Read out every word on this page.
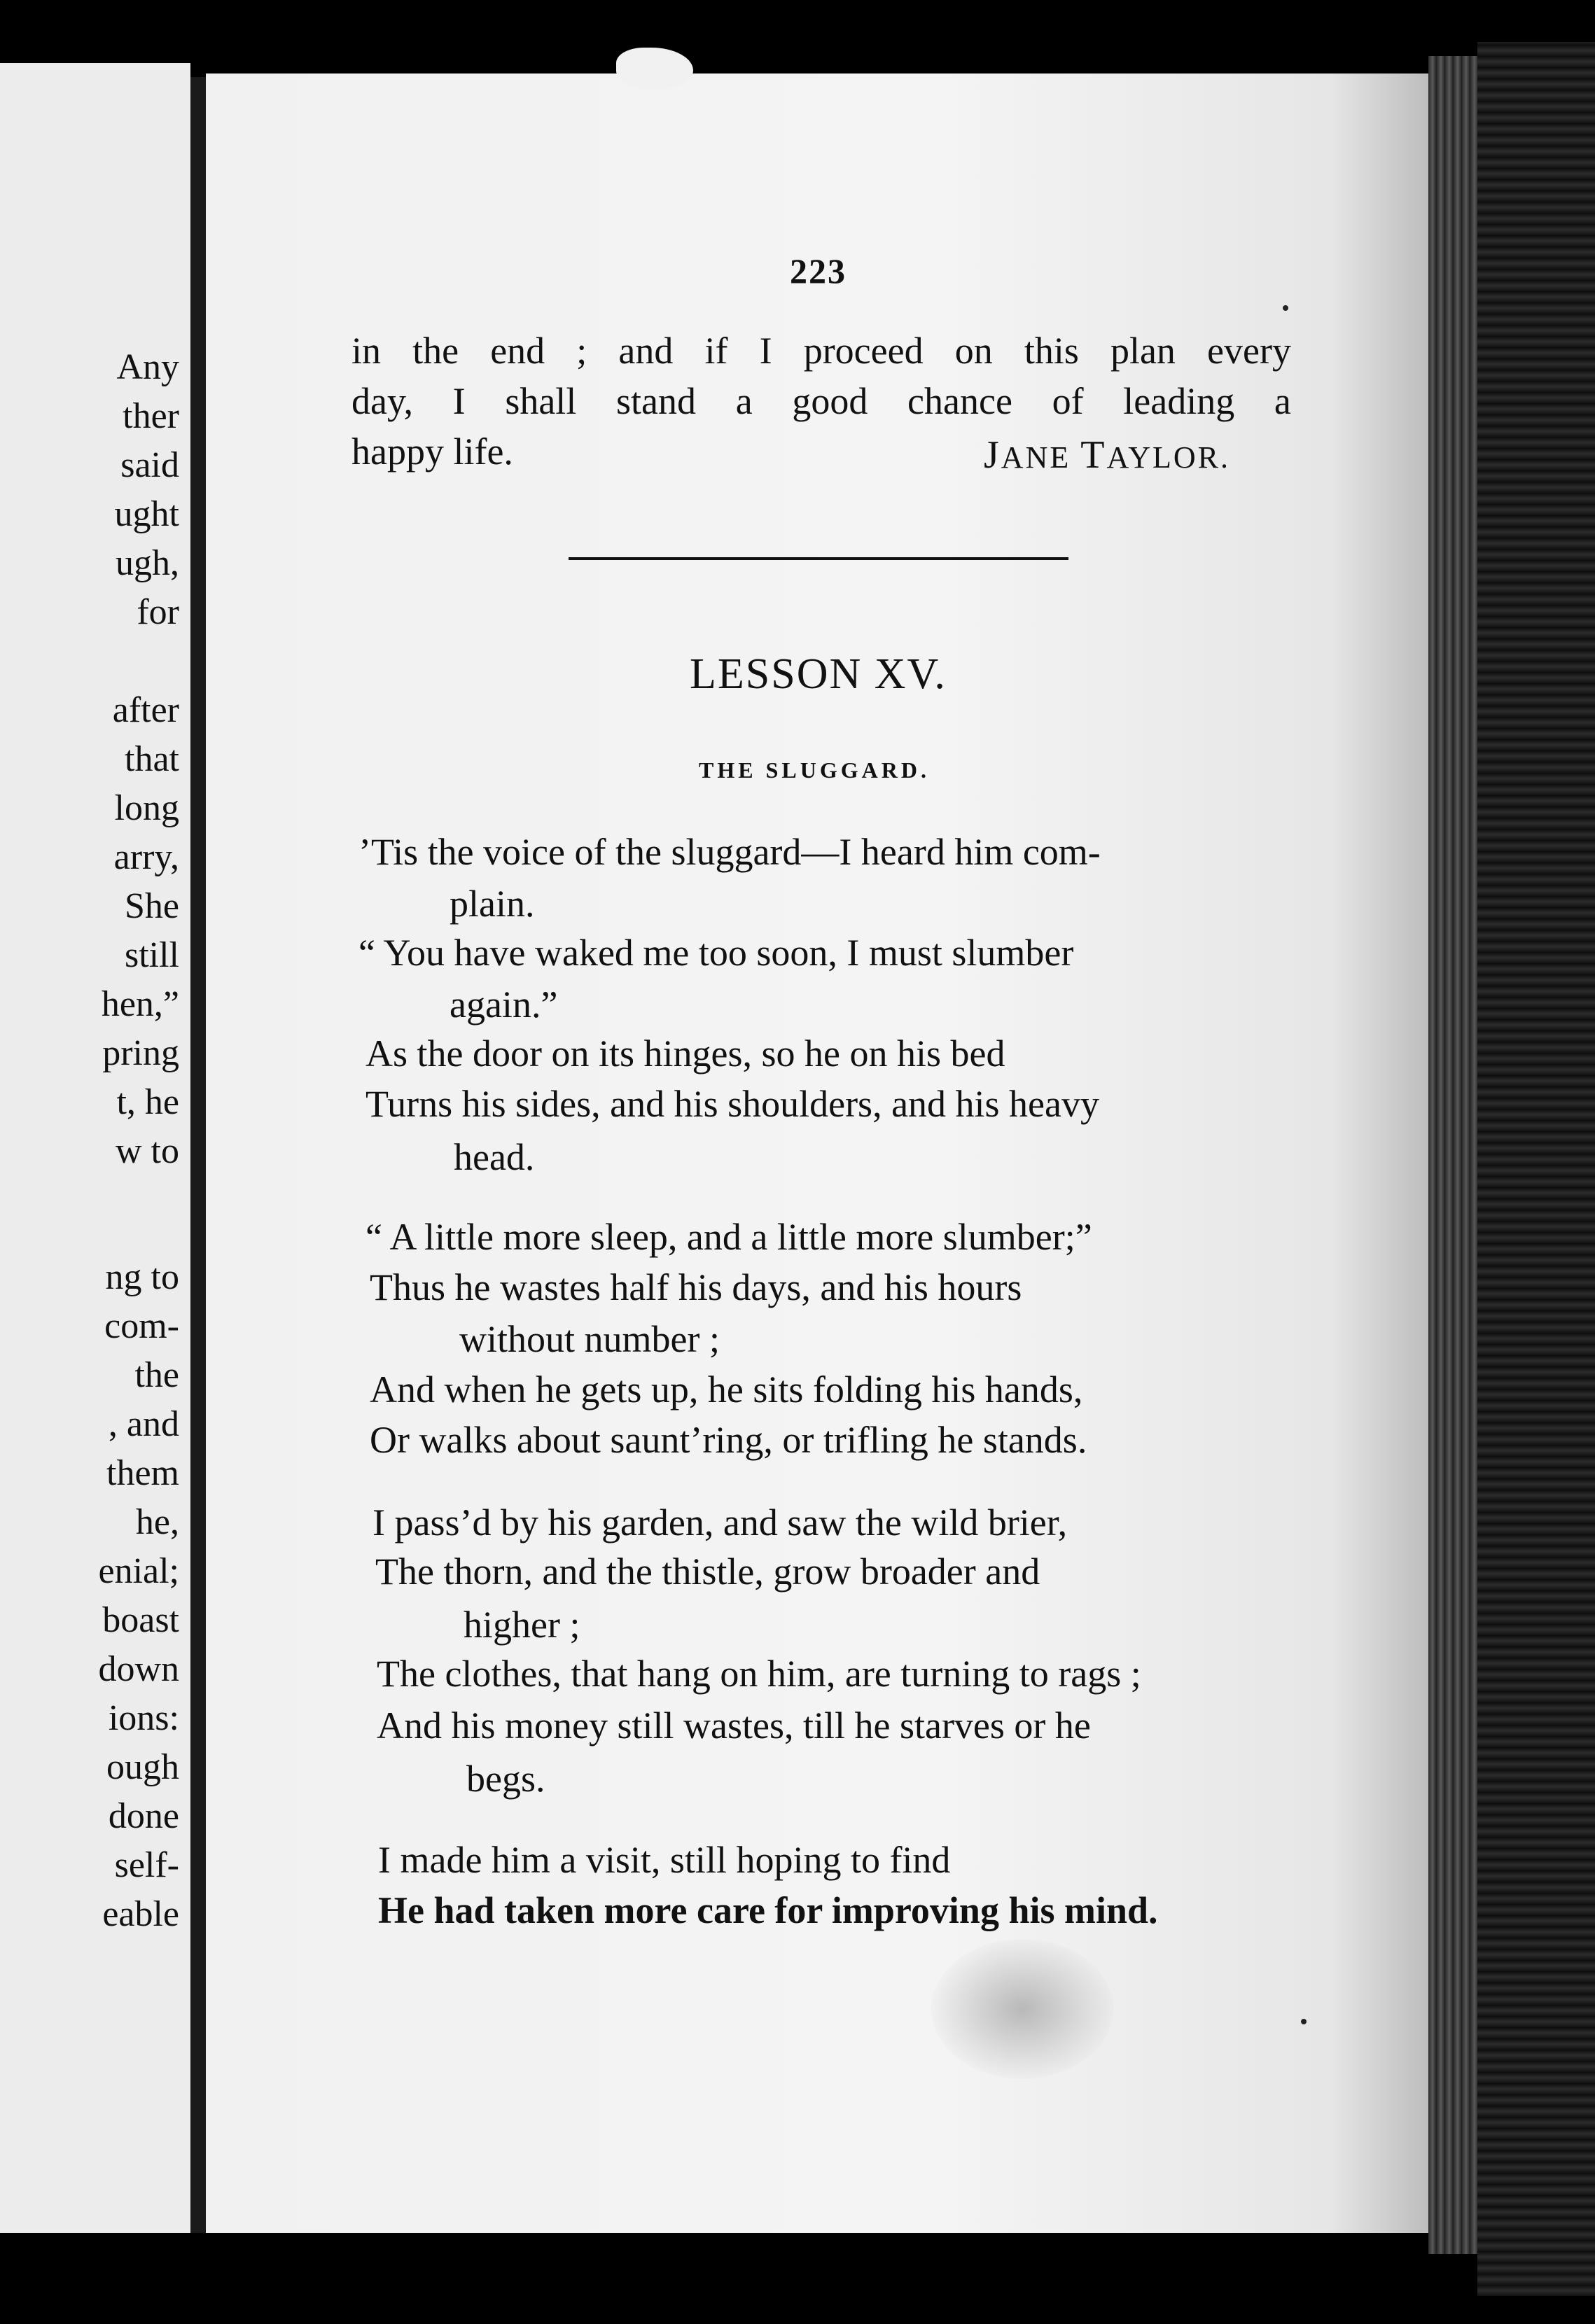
Any
ther
said
ught
ugh,
for
after
that
long
arry,
She
still
hen,”
pring
t, he
w to
ng to
com-
the
, and
them
he,
enial;
boast
down
ions:
ough
done
self-
eable
223
in the end ; and if I proceed on this plan every
day, I shall stand a good chance of leading a
happy life.	JANE TAYLOR.
LESSON XV.
THE SLUGGARD.
’Tis the voice of the sluggard—I heard him com-
plain.
“ You have waked me too soon, I must slumber
again.”
As the door on its hinges, so he on his bed
Turns his sides, and his shoulders, and his heavy
head.
“ A little more sleep, and a little more slumber;”
Thus he wastes half his days, and his hours
without number ;
And when he gets up, he sits folding his hands,
Or walks about saunt’ring, or trifling he stands.
I pass’d by his garden, and saw the wild brier,
The thorn, and the thistle, grow broader and
higher ;
The clothes, that hang on him, are turning to rags ;
And his money still wastes, till he starves or he
begs.
I made him a visit, still hoping to find
He had taken more care for improving his mind.
